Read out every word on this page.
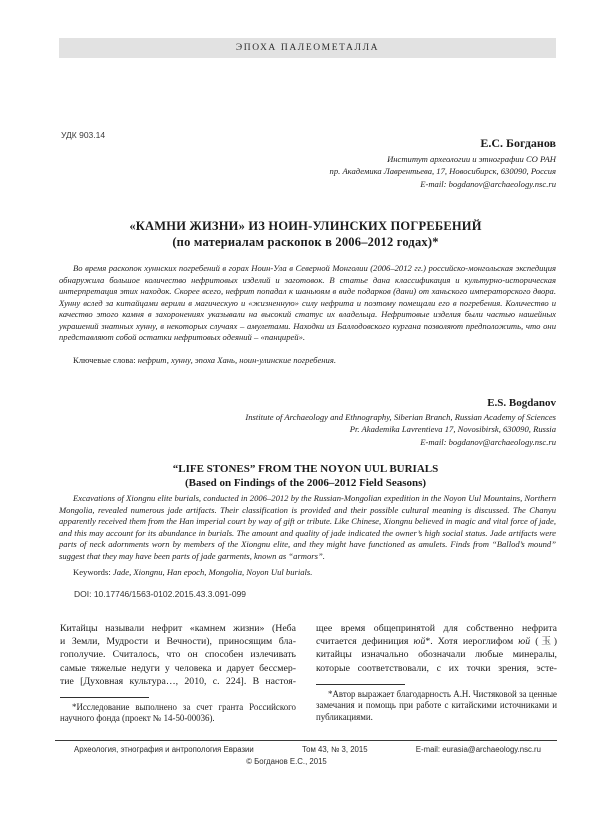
ЭПОХА ПАЛЕОМЕТАЛЛА
УДК 903.14
Е.С. Богданов
Институт археологии и этнографии СО РАН
пр. Академика Лаврентьева, 17, Новосибирск, 630090, Россия
E-mail: bogdanov@archaeology.nsc.ru
«КАМНИ ЖИЗНИ» ИЗ НОИН-УЛИНСКИХ ПОГРЕБЕНИЙ
(по материалам раскопок в 2006–2012 годах)*

Во время раскопок хуннских погребений в горах Ноин-Ула в Северной Монголии (2006–2012 гг.) российско-монгольская экспедиция обнаружила большое количество нефритовых изделий и заготовок. В статье дана классификация и культурно-историческая интерпретация этих находок. Скорее всего, нефрит попадал к шаньюям в виде подарков (дани) от ханьского императорского двора. Хунну вслед за китайцами верили в магическую и «жизненную» силу нефрита и поэтому помещали его в погребения. Количество и качество этого камня в захоронениях указывали на высокий статус их владельца. Нефритовые изделия были частью нашейных украшений знатных хунну, в некоторых случаях – амулетами. Находки из Баллодовского кургана позволяют предположить, что они представляют собой остатки нефритовых одеяний – «панцирей».

Ключевые слова: нефрит, хунну, эпоха Хань, ноин-улинские погребения.

E.S. Bogdanov
Institute of Archaeology and Ethnography, Siberian Branch, Russian Academy of Sciences
Pr. Akademika Lavrentieva 17, Novosibirsk, 630090, Russia
E-mail: bogdanov@archaeology.nsc.ru
“LIFE STONES” FROM THE NOYON UUL BURIALS
(Based on Findings of the 2006–2012 Field Seasons)

Excavations of Xiongnu elite burials, conducted in 2006–2012 by the Russian-Mongolian expedition in the Noyon Uul Mountains, Northern Mongolia, revealed numerous jade artifacts. Their classification is provided and their possible cultural meaning is discussed. The Chanyu apparently received them from the Han imperial court by way of gift or tribute. Like Chinese, Xiongnu believed in magic and vital force of jade, and this may account for its abundance in burials. The amount and quality of jade indicated the owner’s high social status. Jade artifacts were parts of neck adornments worn by members of the Xiongnu elite, and they might have functioned as amulets. Finds from “Ballod’s mound” suggest that they may have been parts of jade garments, known as “armors”.

Keywords: Jade, Xiongnu, Han epoch, Mongolia, Noyon Uul burials.

DOI: 10.17746/1563-0102.2015.43.3.091-099
Китайцы называли нефрит «камнем жизни» (Неба
и Земли, Мудрости и Вечности), приносящим бла-
гополучие. Считалось, что он способен излечивать
самые тяжелые недуги у человека и дарует бессмер-
тие [Духовная культура…, 2010, с. 224]. В настоя-
щее время общепринятой для собственно нефрита
считается дефиниция юй*. Хотя иероглифом юй (玉)
китайцы изначально обозначали любые минералы,
которые соответствовали, с их точки зрения, эсте-

*Исследование выполнено за счет гранта Российского научного фонда (проект № 14-50-00036).

*Автор выражает благодарность А.Н. Чистяковой за ценные замечания и помощь при работе с китайскими источниками и публикациями.

Археология, этнография и антропология Евразии	Том 43, № 3, 2015	E-mail: eurasia@archaeology.nsc.ru
© Богданов Е.С., 2015
